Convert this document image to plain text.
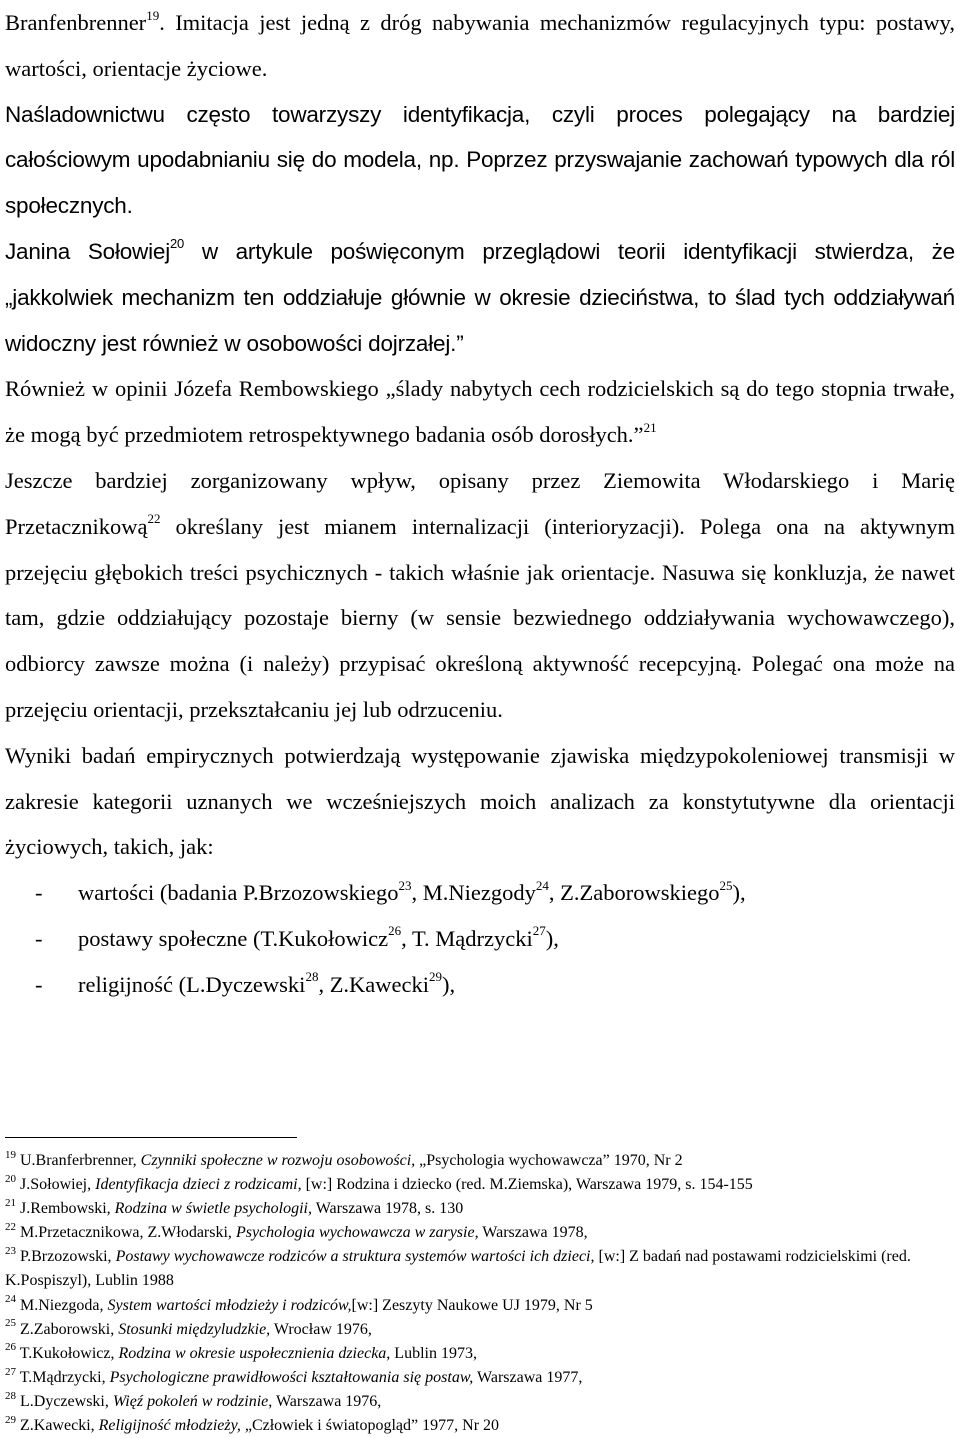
Branfenbrenner$^{19}$. Imitacja jest jedną z dróg nabywania mechanizmów regulacyjnych typu: postawy, wartości, orientacje życiowe.

Naśladownictwu często towarzyszy identyfikacja, czyli proces polegający na bardziej całościowym upodabnianiu się do modela, np. Poprzez przyswajanie zachowań typowych dla ról społecznych.

Janina Sołowiej$^{20}$ w artykule poświęconym przeglądowi teorii identyfikacji stwierdza, że „jakkolwiek mechanizm ten oddziałuje głównie w okresie dzieciństwa, to ślad tych oddziaływań widoczny jest również w osobowości dojrzałej.”

Również w opinii Józefa Rembowskiego „ślady nabytych cech rodzicielskich są do tego stopnia trwałe, że mogą być przedmiotem retrospektywnego badania osób dorosłych.”$^{21}$

Jeszcze bardziej zorganizowany wpływ, opisany przez Ziemowita Włodarskiego i Marię Przetacznikową$^{22}$ określany jest mianem internalizacji (interioryzacji). Polega ona na aktywnym przejęciu głębokich treści psychicznych - takich właśnie jak orientacje. Nasuwa się konkluzja, że nawet tam, gdzie oddziałujący pozostaje bierny (w sensie bezwiednego oddziaływania wychowawczego), odbiorcy zawsze można (i należy) przypisać określoną aktywność recepcyjną. Polegać ona może na przejęciu orientacji, przekształcaniu jej lub odrzuceniu.

Wyniki badań empirycznych potwierdzają występowanie zjawiska międzypokoleniowej transmisji w zakresie kategorii uznanych we wcześniejszych moich analizach za konstytutywne dla orientacji życiowych, takich, jak:

- wartości (badania P.Brzozowskiego$^{23}$, M.Niezgody$^{24}$, Z.Zaborowskiego$^{25}$),
- postawy społeczne (T.Kukołowicz$^{26}$, T. Mądrzycki$^{27}$),
- religijność (L.Dyczewski$^{28}$, Z.Kawecki$^{29}$),
$^{19}$ U.Branferbrenner, Czynniki społeczne w rozwoju osobowości, „Psychologia wychowawcza” 1970, Nr 2
$^{20}$ J.Sołowiej, Identyfikacja dzieci z rodzicami, [w:] Rodzina i dziecko (red. M.Ziemska), Warszawa 1979, s. 154-155
$^{21}$ J.Rembowski, Rodzina w świetle psychologii, Warszawa 1978, s. 130
$^{22}$ M.Przetacznikowa, Z.Włodarski, Psychologia wychowawcza w zarysie, Warszawa 1978,
$^{23}$ P.Brzozowski, Postawy wychowawcze rodziców a struktura systemów wartości ich dzieci, [w:] Z badań nad postawami rodzicielskimi (red. K.Pospiszyl), Lublin 1988
$^{24}$ M.Niezgoda, System wartości młodzieży i rodziców,[w:] Zeszyty Naukowe UJ 1979, Nr 5
$^{25}$ Z.Zaborowski, Stosunki międzyludzkie, Wrocław 1976,
$^{26}$ T.Kukołowicz, Rodzina w okresie uspołecznienia dziecka, Lublin 1973,
$^{27}$ T.Mądrzycki, Psychologiczne prawidłowości kształtowania się postaw, Warszawa 1977,
$^{28}$ L.Dyczewski, Więź pokoleń w rodzinie, Warszawa 1976,
$^{29}$ Z.Kawecki, Religijność młodzieży, „Człowiek i światopogląd” 1977, Nr 20
